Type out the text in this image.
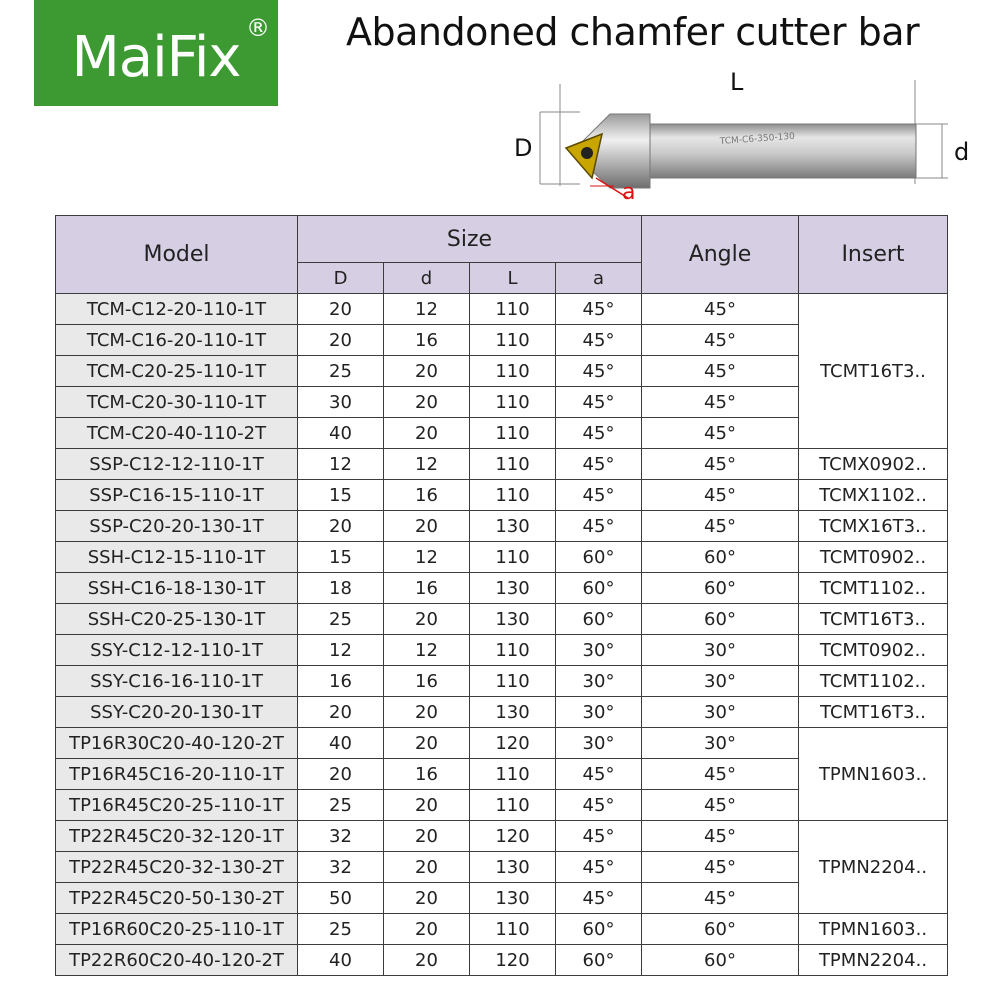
MaiFix ® Abandoned chamfer cutter bar
TCM-C6-350-130
L
D	d
a
Model	Size				Angle	Insert
	D	d	L	a		
TCM-C12-20-110-1T	20	12	110	45°	45°	TCMT16T3..
TCM-C16-20-110-1T	20	16	110	45°	45°	
TCM-C20-25-110-1T	25	20	110	45°	45°	
TCM-C20-30-110-1T	30	20	110	45°	45°	
TCM-C20-40-110-2T	40	20	110	45°	45°	
SSP-C12-12-110-1T	12	12	110	45°	45°	TCMX0902..
SSP-C16-15-110-1T	15	16	110	45°	45°	TCMX1102..
SSP-C20-20-130-1T	20	20	130	45°	45°	TCMX16T3..
SSH-C12-15-110-1T	15	12	110	60°	60°	TCMT0902..
SSH-C16-18-130-1T	18	16	130	60°	60°	TCMT1102..
SSH-C20-25-130-1T	25	20	130	60°	60°	TCMT16T3..
SSY-C12-12-110-1T	12	12	110	30°	30°	TCMT0902..
SSY-C16-16-110-1T	16	16	110	30°	30°	TCMT1102..
SSY-C20-20-130-1T	20	20	130	30°	30°	TCMT16T3..
TP16R30C20-40-120-2T	40	20	120	30°	30°	TPMN1603..
TP16R45C16-20-110-1T	20	16	110	45°	45°	
TP16R45C20-25-110-1T	25	20	110	45°	45°	
TP22R45C20-32-120-1T	32	20	120	45°	45°	TPMN2204..
TP22R45C20-32-130-2T	32	20	130	45°	45°	
TP22R45C20-50-130-2T	50	20	130	45°	45°	
TP16R60C20-25-110-1T	25	20	110	60°	60°	TPMN1603..
TP22R60C20-40-120-2T	40	20	120	60°	60°	TPMN2204..
